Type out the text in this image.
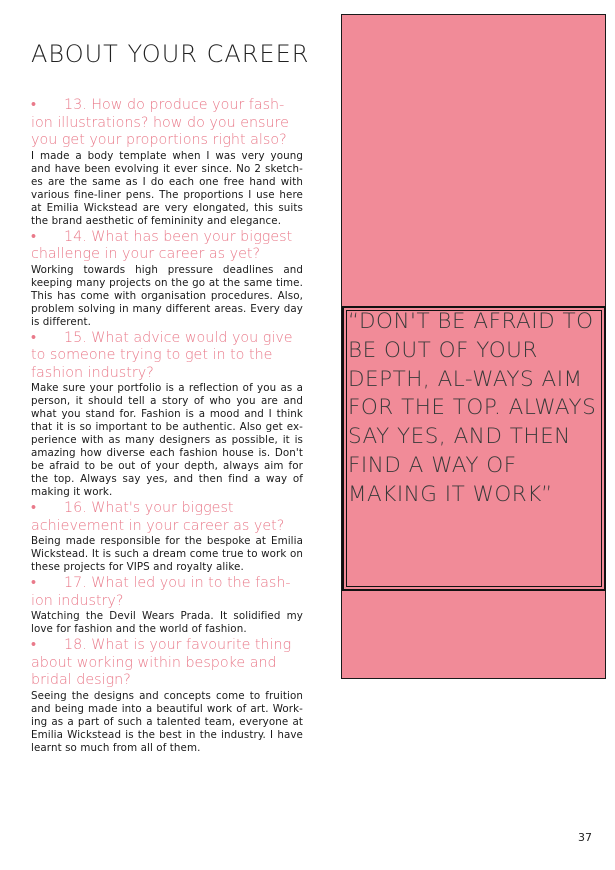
ABOUT YOUR CAREER

• 13. How do produce your fash-ion illustrations? how do you ensure you get your proportions right also?

I made a body template when I was very young and have been evolving it ever since. No 2 sketch-es are the same as I do each one free hand with various fine-liner pens. The proportions I use here at Emilia Wickstead are very elongated, this suits the brand aesthetic of femininity and elegance.

• 14. What has been your biggest challenge in your career as yet?

Working towards high pressure deadlines and keeping many projects on the go at the same time. This has come with organisation procedures. Also, problem solving in many different areas. Every day is different.

• 15. What advice would you give to someone trying to get in to the fashion industry?

Make sure your portfolio is a reflection of you as a person, it should tell a story of who you are and what you stand for. Fashion is a mood and I think that it is so important to be authentic. Also get ex-perience with as many designers as possible, it is amazing how diverse each fashion house is. Don't be afraid to be out of your depth, always aim for the top. Always say yes, and then find a way of making it work.

• 16. What's your biggest achievement in your career as yet?

Being made responsible for the bespoke at Emilia Wickstead. It is such a dream come true to work on these projects for VIPS and royalty alike.

• 17. What led you in to the fash-ion industry?

Watching the Devil Wears Prada. It solidified my love for fashion and the world of fashion.

• 18. What is your favourite thing about working within bespoke and bridal design?

Seeing the designs and concepts come to fruition and being made into a beautiful work of art. Work-ing as a part of such a talented team, everyone at Emilia Wickstead is the best in the industry. I have learnt so much from all of them.

“DON'T BE AFRAID TO BE OUT OF YOUR DEPTH, AL-WAYS AIM FOR THE TOP. ALWAYS SAY YES, AND THEN FIND A WAY OF MAKING IT WORK”

37
